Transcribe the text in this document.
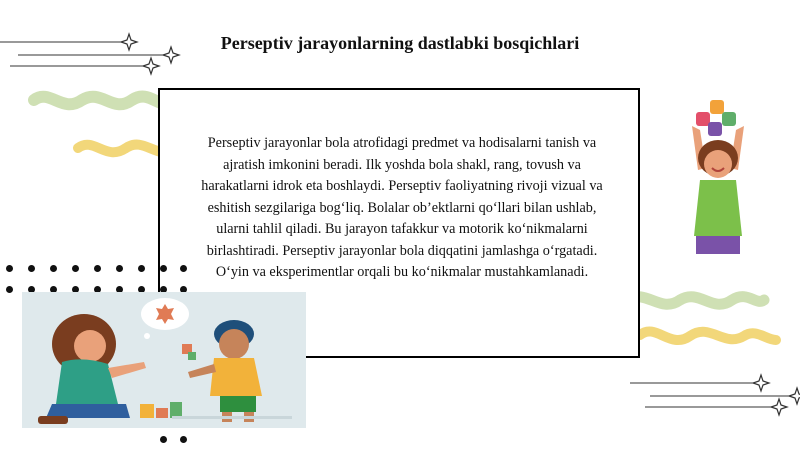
Perseptiv jarayonlarning dastlabki bosqichlari
Perseptiv jarayonlar bola atrofidagi predmet va hodisalarni tanish va ajratish imkonini beradi. Ilk yoshda bola shakl, rang, tovush va harakatlarni idrok eta boshlaydi. Perseptiv faoliyatning rivoji vizual va eshitish sezgilariga bog‘liq. Bolalar ob’ektlarni qo‘llari bilan ushlab, ularni tahlil qiladi. Bu jarayon tafakkur va motorik ko‘nikmalarni birlashtiradi. Perseptiv jarayonlar bola diqqatini jamlashga o‘rgatadi. O‘yin va eksperimentlar orqali bu ko‘nikmalar mustahkamlanadi.
